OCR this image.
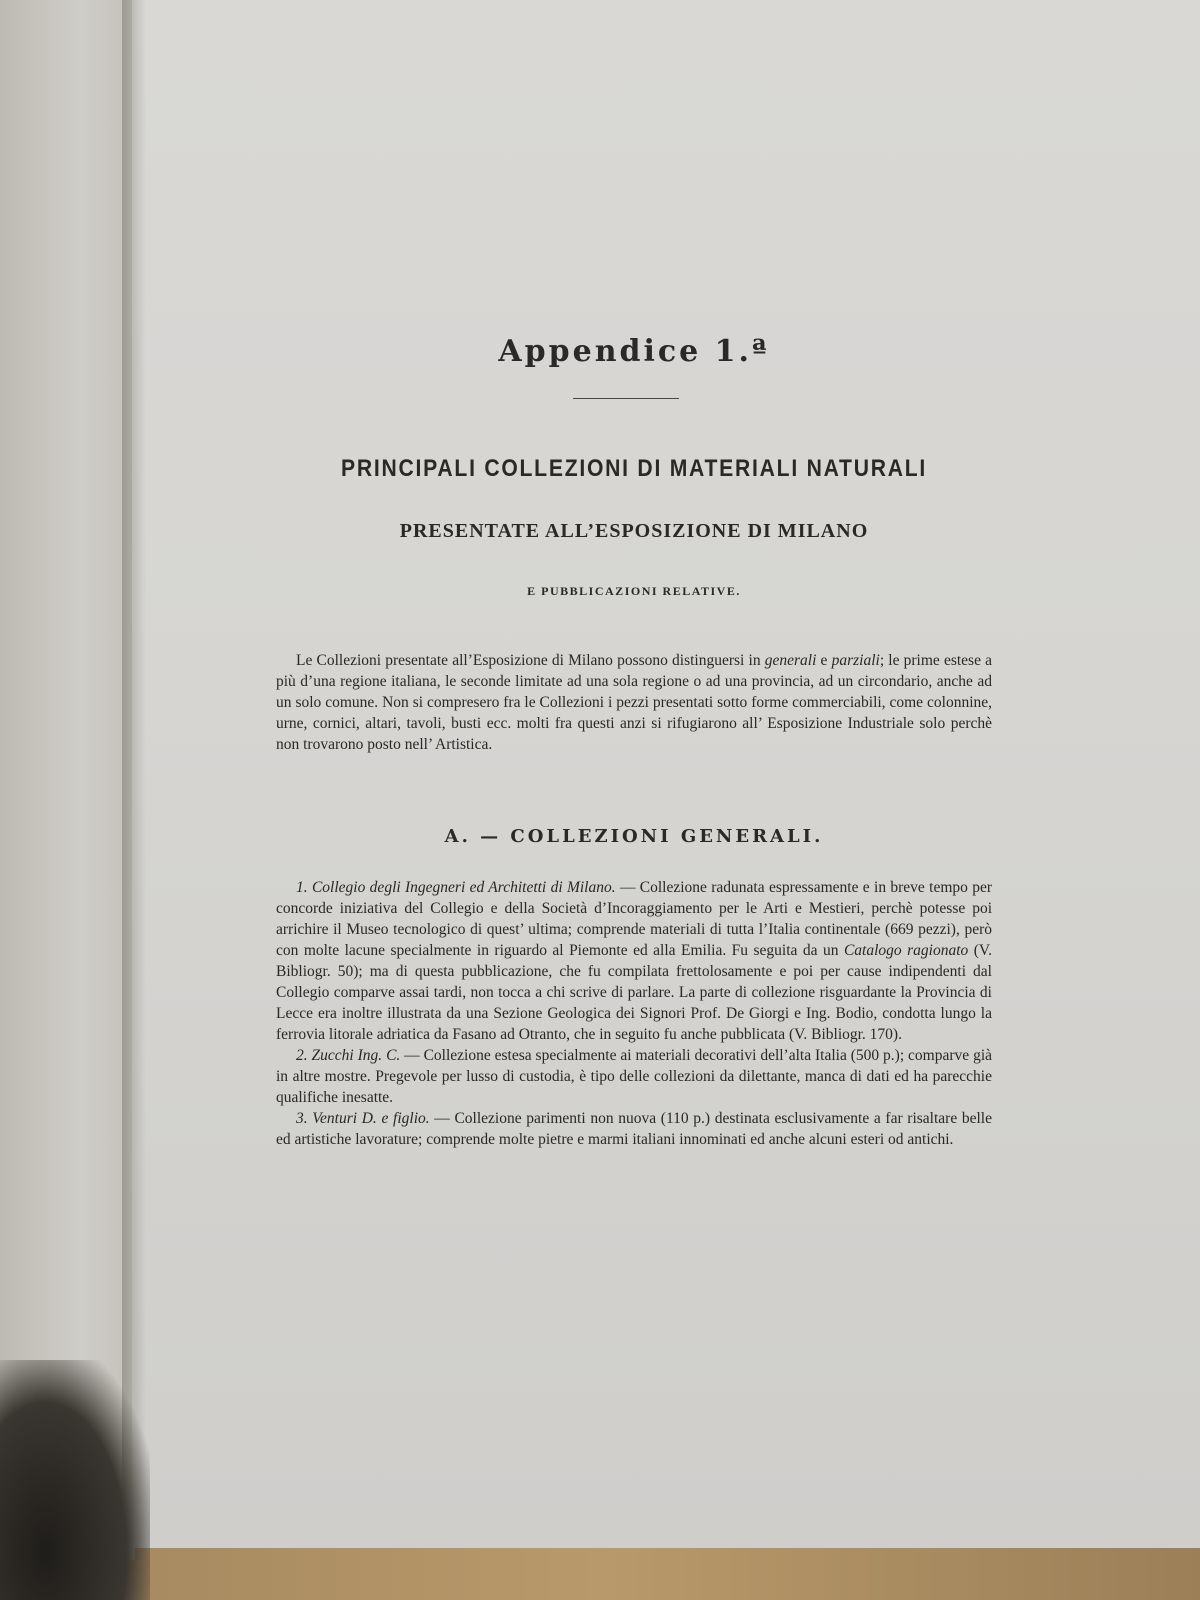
Appendice 1.ª
PRINCIPALI COLLEZIONI DI MATERIALI NATURALI
PRESENTATE ALL’ESPOSIZIONE DI MILANO
E PUBBLICAZIONI RELATIVE.

Le Collezioni presentate all’Esposizione di Milano possono distinguersi in generali e parziali; le prime estese a più d’una regione italiana, le seconde limitate ad una sola regione o ad una provincia, ad un circondario, anche ad un solo comune. Non si compresero fra le Collezioni i pezzi presentati sotto forme commerciabili, come colonnine, urne, cornici, altari, tavoli, busti ecc. molti fra questi anzi si rifugiarono all’ Esposizione Industriale solo perchè non trovarono posto nell’ Artistica.

A. — COLLEZIONI GENERALI.

1. Collegio degli Ingegneri ed Architetti di Milano. — Collezione radunata espressamente e in breve tempo per concorde iniziativa del Collegio e della Società d’Incoraggiamento per le Arti e Mestieri, perchè potesse poi arrichire il Museo tecnologico di quest’ ultima; comprende materiali di tutta l’Italia continentale (669 pezzi), però con molte lacune specialmente in riguardo al Piemonte ed alla Emilia. Fu seguita da un Catalogo ragionato (V. Bibliogr. 50); ma di questa pubblicazione, che fu compilata frettolosamente e poi per cause indipendenti dal Collegio comparve assai tardi, non tocca a chi scrive di parlare. La parte di collezione risguardante la Provincia di Lecce era inoltre illustrata da una Sezione Geologica dei Signori Prof. De Giorgi e Ing. Bodio, condotta lungo la ferrovia litorale adriatica da Fasano ad Otranto, che in seguito fu anche pubblicata (V. Bibliogr. 170).

2. Zucchi Ing. C. — Collezione estesa specialmente ai materiali decorativi dell’alta Italia (500 p.); comparve già in altre mostre. Pregevole per lusso di custodia, è tipo delle collezioni da dilettante, manca di dati ed ha parecchie qualifiche inesatte.

3. Venturi D. e figlio. — Collezione parimenti non nuova (110 p.) destinata esclusivamente a far risaltare belle ed artistiche lavorature; comprende molte pietre e marmi italiani innominati ed anche alcuni esteri od antichi.
